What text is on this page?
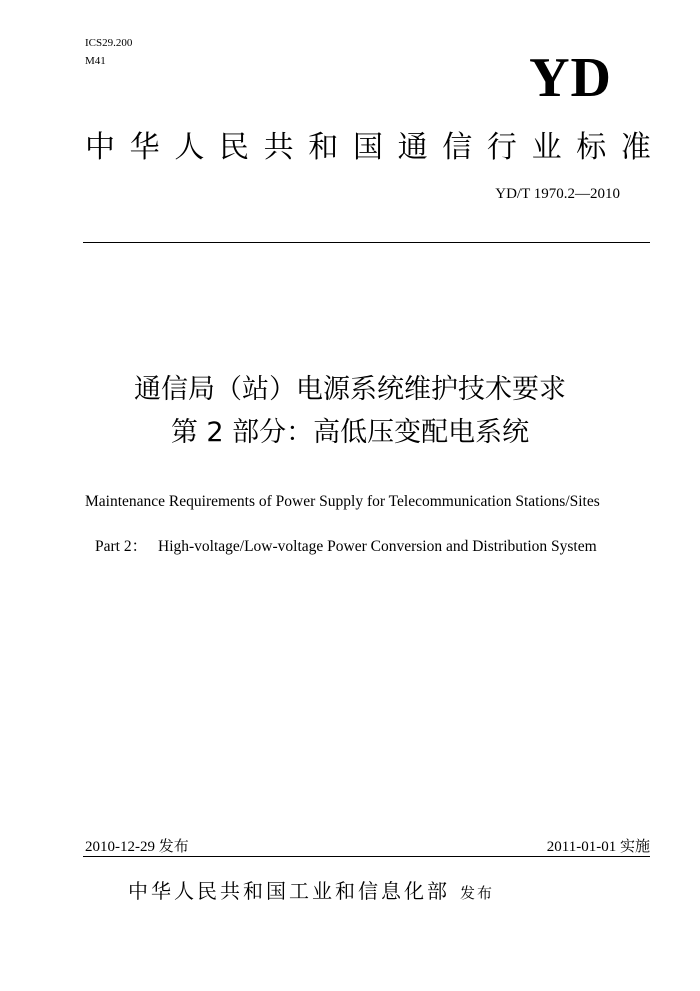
ICS29.200
M41	YD
中 华 人 民 共 和 国 通 信 行 业 标 准
YD/T 1970.2—2010
通信局（站）电源系统维护技术要求
第 2 部分：高低压变配电系统
Maintenance Requirements of Power Supply for Telecommunication Stations/Sites
Part 2： High-voltage/Low-voltage Power Conversion and Distribution System
2010-12-29 发布	2011-01-01 实施
中华人民共和国工业和信息化部 发布
